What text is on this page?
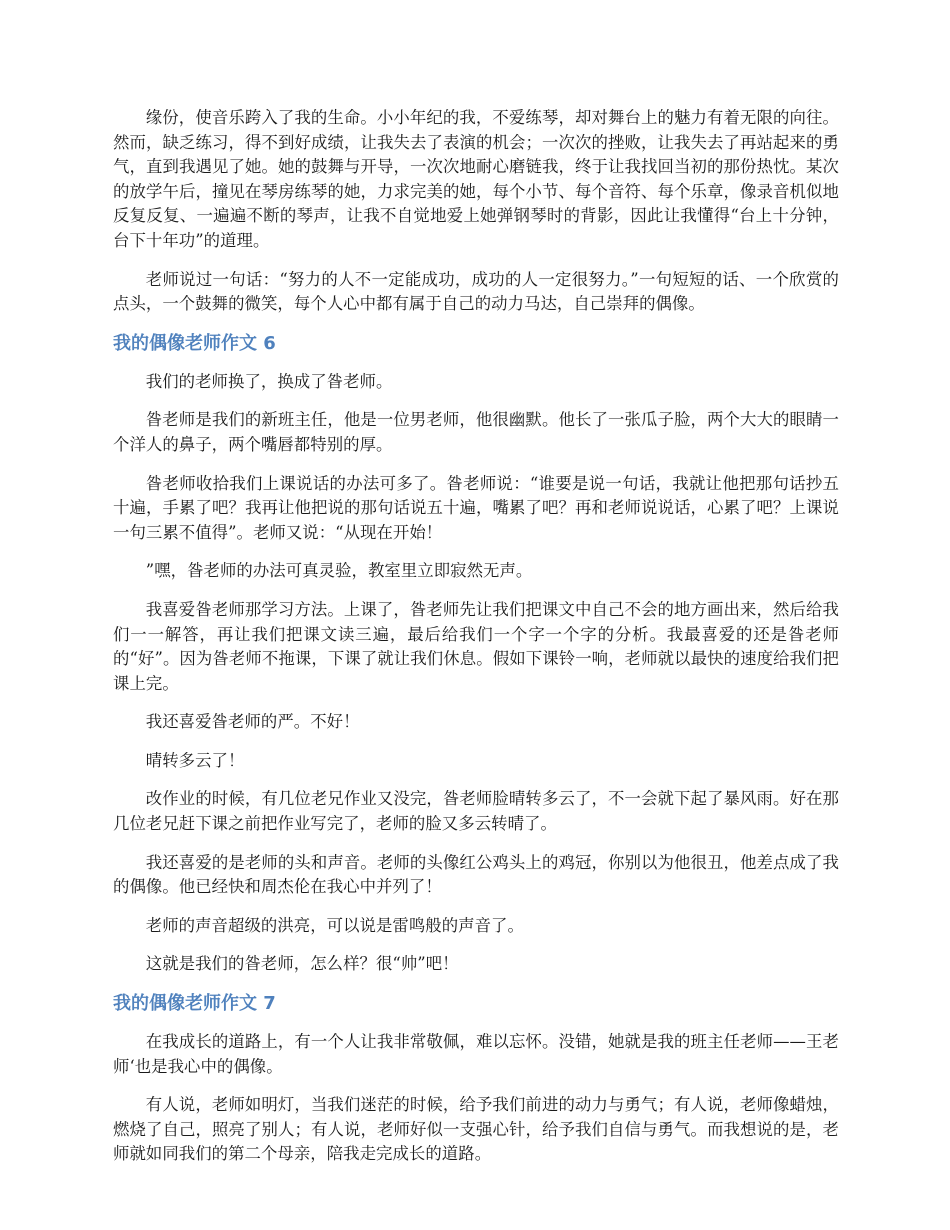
缘份，使音乐跨入了我的生命。小小年纪的我，不爱练琴，却对舞台上的魅力有着无限的向往。然而，缺乏练习，得不到好成绩，让我失去了表演的机会；一次次的挫败，让我失去了再站起来的勇气，直到我遇见了她。她的鼓舞与开导，一次次地耐心磨链我，终于让我找回当初的那份热忱。某次的放学午后，撞见在琴房练琴的她，力求完美的她，每个小节、每个音符、每个乐章，像录音机似地反复反复、一遍遍不断的琴声，让我不自觉地爱上她弹钢琴时的背影，因此让我懂得“台上十分钟，台下十年功”的道理。

老师说过一句话：“努力的人不一定能成功，成功的人一定很努力。”一句短短的话、一个欣赏的点头，一个鼓舞的微笑，每个人心中都有属于自己的动力马达，自己崇拜的偶像。

我的偶像老师作文 6

我们的老师换了，换成了昝老师。

昝老师是我们的新班主任，他是一位男老师，他很幽默。他长了一张瓜子脸，两个大大的眼睛一个洋人的鼻子，两个嘴唇都特别的厚。

昝老师收拾我们上课说话的办法可多了。昝老师说：“谁要是说一句话，我就让他把那句话抄五十遍，手累了吧？我再让他把说的那句话说五十遍，嘴累了吧？再和老师说说话，心累了吧？上课说一句三累不值得”。老师又说：“从现在开始！

”嘿，昝老师的办法可真灵验，教室里立即寂然无声。

我喜爱昝老师那学习方法。上课了，昝老师先让我们把课文中自己不会的地方画出来，然后给我们一一解答，再让我们把课文读三遍，最后给我们一个字一个字的分析。我最喜爱的还是昝老师的“好”。因为昝老师不拖课，下课了就让我们休息。假如下课铃一响，老师就以最快的速度给我们把课上完。

我还喜爱昝老师的严。不好！

晴转多云了！

改作业的时候，有几位老兄作业又没完，昝老师脸晴转多云了，不一会就下起了暴风雨。好在那几位老兄赶下课之前把作业写完了，老师的脸又多云转晴了。

我还喜爱的是老师的头和声音。老师的头像红公鸡头上的鸡冠，你别以为他很丑，他差点成了我的偶像。他已经快和周杰伦在我心中并列了！

老师的声音超级的洪亮，可以说是雷鸣般的声音了。

这就是我们的昝老师，怎么样？很“帅”吧！

我的偶像老师作文 7

在我成长的道路上，有一个人让我非常敬佩，难以忘怀。没错，她就是我的班主任老师——王老师‘也是我心中的偶像。

有人说，老师如明灯，当我们迷茫的时候，给予我们前进的动力与勇气；有人说，老师像蜡烛，燃烧了自己，照亮了别人；有人说，老师好似一支强心针，给予我们自信与勇气。而我想说的是，老师就如同我们的第二个母亲，陪我走完成长的道路。
